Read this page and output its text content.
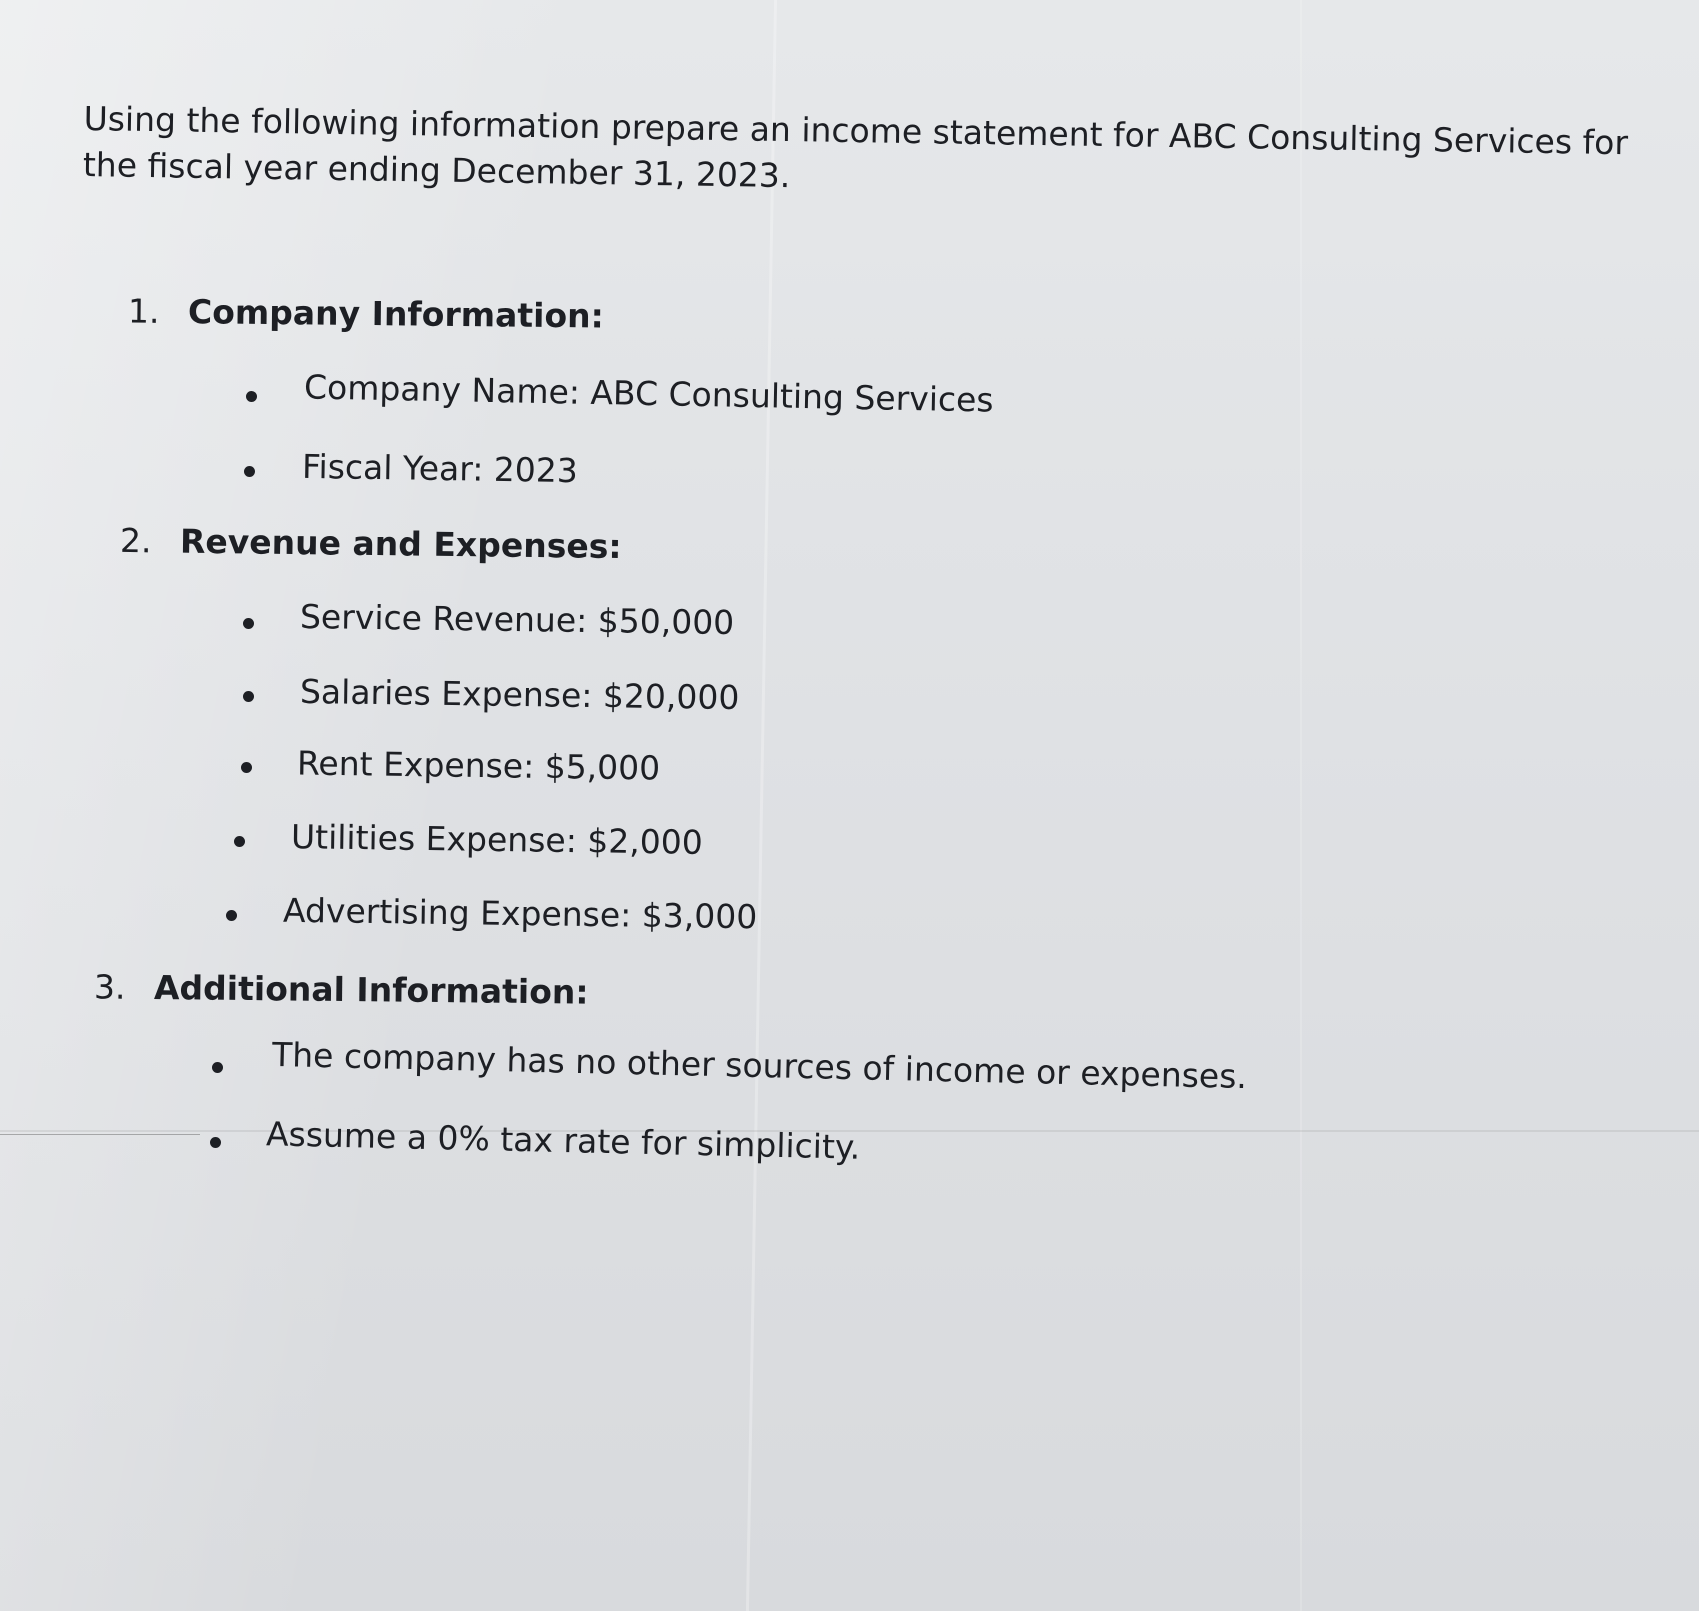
Using the following information prepare an income statement for ABC Consulting Services for the fiscal year ending December 31, 2023.
1. Company Information:
Company Name: ABC Consulting Services
Fiscal Year: 2023
2. Revenue and Expenses:
Service Revenue: $50,000
Salaries Expense: $20,000
Rent Expense: $5,000
Utilities Expense: $2,000
Advertising Expense: $3,000
3. Additional Information:
The company has no other sources of income or expenses.
Assume a 0% tax rate for simplicity.
